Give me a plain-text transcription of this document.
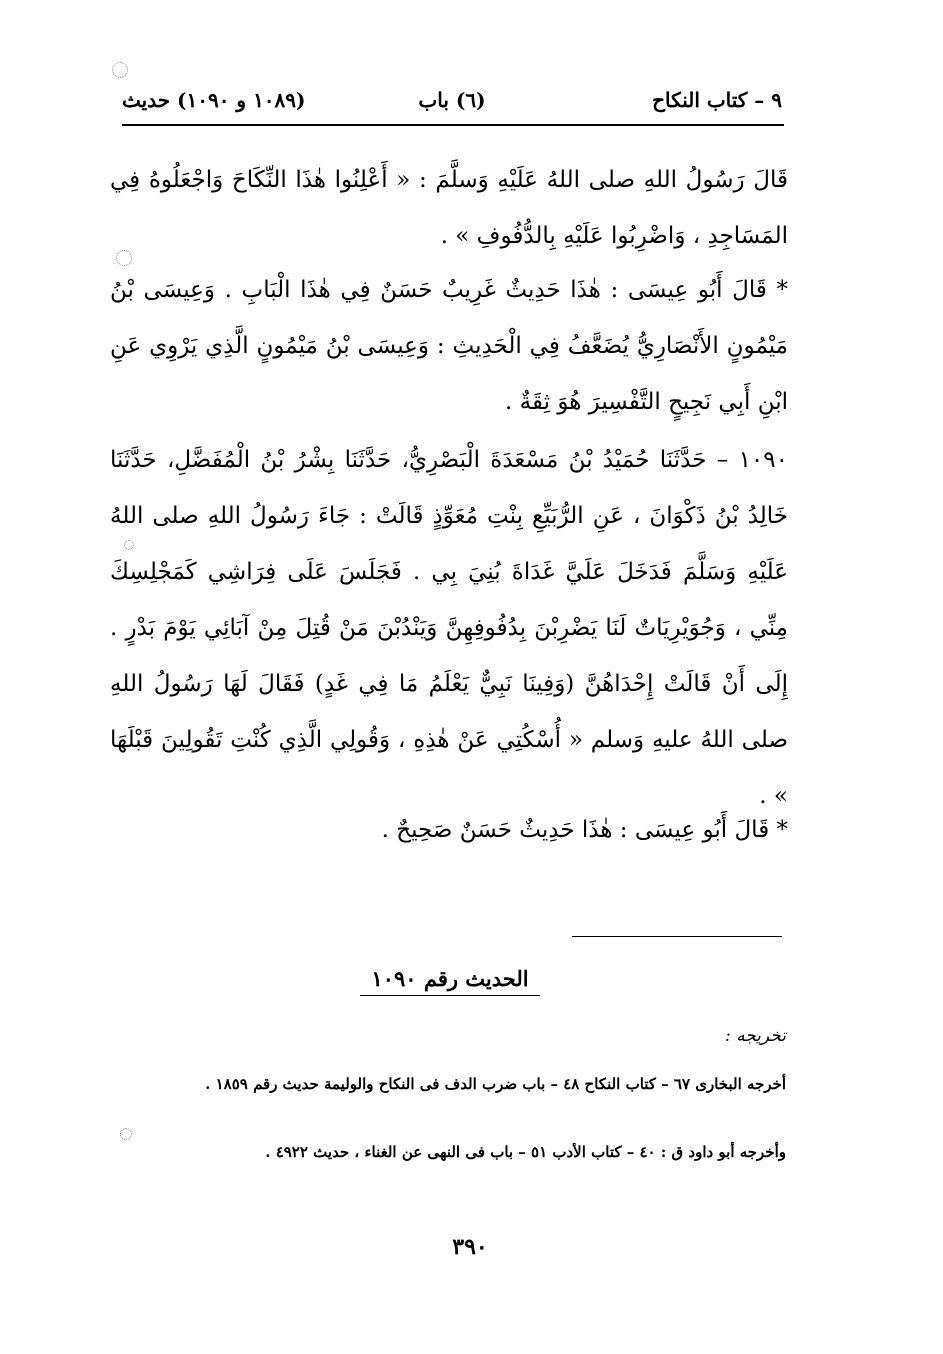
٩ – كتاب النكاح
(٦) باب
(١٠٨٩ و ١٠٩٠) حديث
قَالَ رَسُولُ اللهِ صلى اللهُ عَلَيْهِ وَسلَّمَ : « أَعْلِنُوا هٰذَا النِّكَاحَ وَاجْعَلُوهُ فِي المَسَاجِدِ ، وَاضْرِبُوا عَلَيْهِ بِالدُّفُوفِ » .
* قَالَ أَبُو عِيسَى : هٰذَا حَدِيثٌ غَرِيبٌ حَسَنٌ فِي هٰذَا الْبَابِ . وَعِيسَى بْنُ مَيْمُونٍ الأَنْصَارِيُّ يُضَعَّفُ فِي الْحَدِيثِ : وَعِيسَى بْنُ مَيْمُونٍ الَّذِي يَرْوِي عَنِ ابْنِ أَبِي نَجِيحٍ التَّفْسِيرَ هُوَ ثِقَةٌ .
١٠٩٠ – حَدَّثَنَا حُمَيْدُ بْنُ مَسْعَدَةَ الْبَصْرِيُّ، حَدَّثَنَا بِشْرُ بْنُ الْمُفَضَّلِ، حَدَّثَنَا خَالِدُ بْنُ ذَكْوَانَ ، عَنِ الرُّبَيِّعِ بِنْتِ مُعَوِّذٍ قَالَتْ : جَاءَ رَسُولُ اللهِ صلى اللهُ عَلَيْهِ وَسَلَّمَ فَدَخَلَ عَلَيَّ غَدَاةَ بُنِيَ بِي . فَجَلَسَ عَلَى فِرَاشِي كَمَجْلِسِكَ مِنِّي ، وَجُوَيْرِيَاتٌ لَنَا يَضْرِبْنَ بِدُفُوفِهِنَّ وَيَنْدُبْنَ مَنْ قُتِلَ مِنْ آبَائِي يَوْمَ بَدْرٍ . إِلَى أَنْ قَالَتْ إِحْدَاهُنَّ (وَفِينَا نَبِيٌّ يَعْلَمُ مَا فِي غَدٍ) فَقَالَ لَهَا رَسُولُ اللهِ صلى اللهُ عليهِ وَسلم « أُسْكُتِي عَنْ هٰذِهِ ، وَقُولِي الَّذِي كُنْتِ تَقُولِينَ قَبْلَهَا » .
* قَالَ أَبُو عِيسَى : هٰذَا حَدِيثٌ حَسَنٌ صَحِيحٌ .
الحديث رقم ١٠٩٠
تخريجه :
أخرجه البخارى ٦٧ – كتاب النكاح ٤٨ – باب ضرب الدف فى النكاح والوليمة حديث رقم ١٨٥٩ .
وأخرجه أبو داود ق : ٤٠ – كتاب الأدب ٥١ – باب فى النهى عن الغناء ، حديث ٤٩٢٢ .
٣٩٠
